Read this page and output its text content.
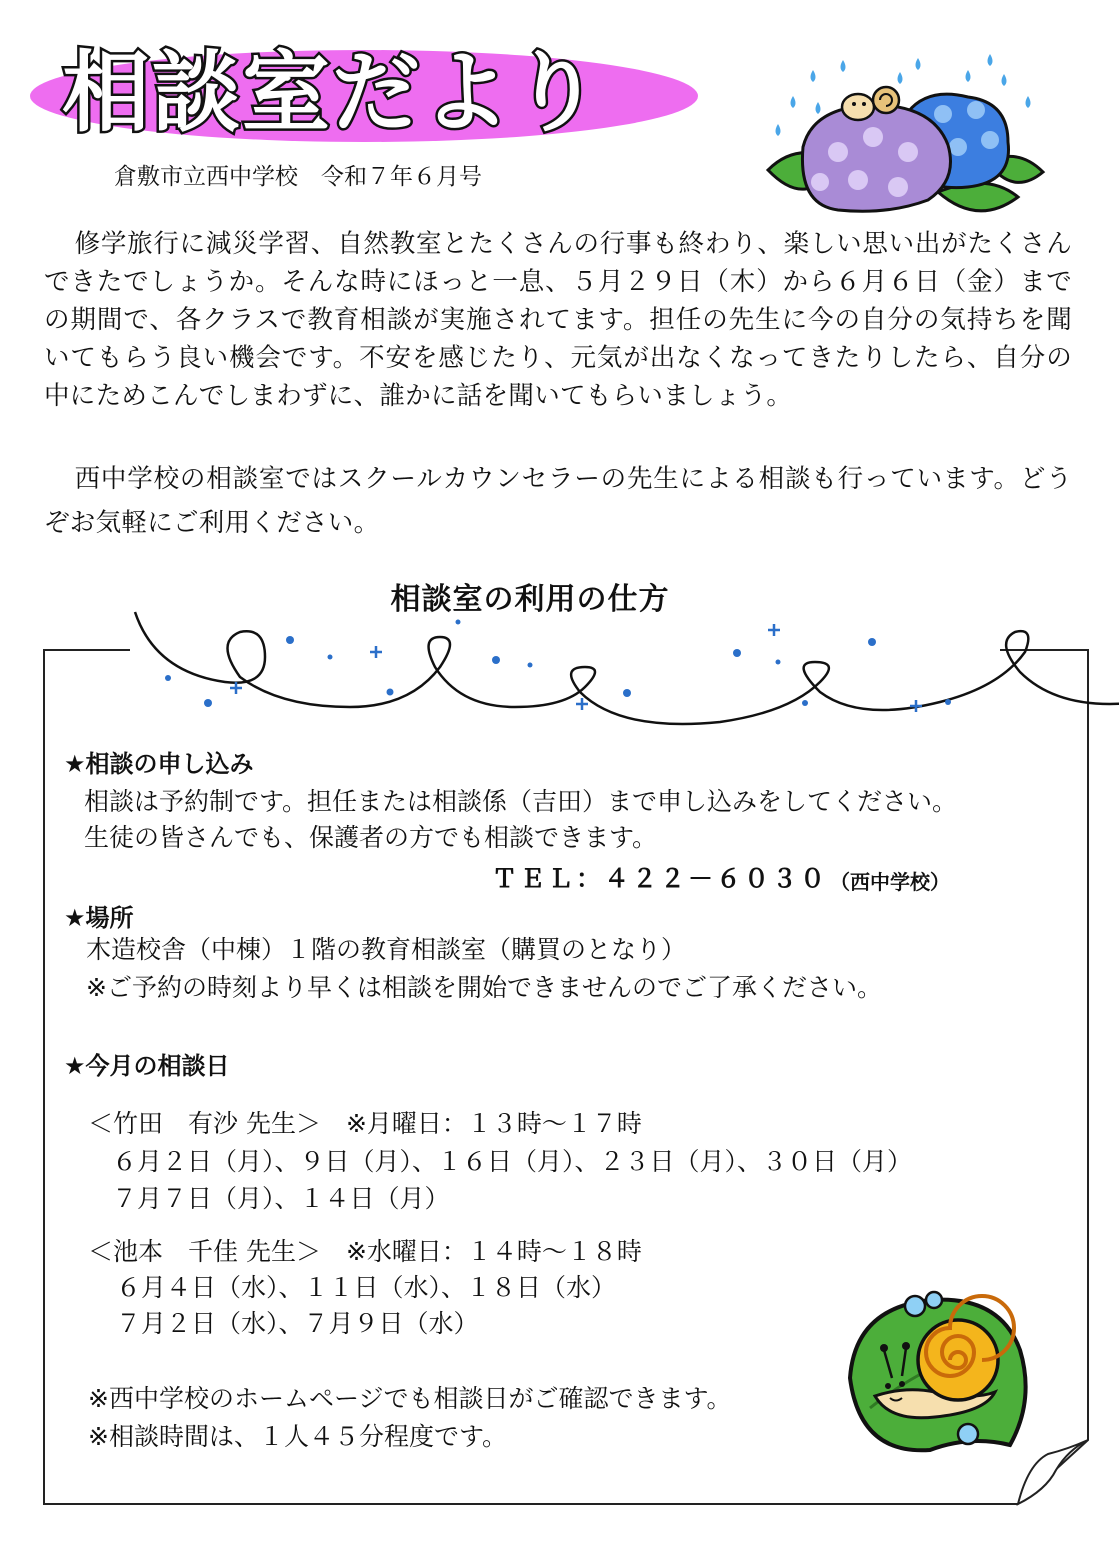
相談室だより
倉敷市立西中学校　令和７年６月号

修学旅行に減災学習、自然教室とたくさんの行事も終わり、楽しい思い出がたくさんできたでしょうか。そんな時にほっと一息、５月２９日（木）から６月６日（金）までの期間で、各クラスで教育相談が実施されてます。担任の先生に今の自分の気持ちを聞いてもらう良い機会です。不安を感じたり、元気が出なくなってきたりしたら、自分の中にためこんでしまわずに、誰かに話を聞いてもらいましょう。

西中学校の相談室ではスクールカウンセラーの先生による相談も行っています。どうぞお気軽にご利用ください。

相談室の利用の仕方
★相談の申し込み

相談は予約制です。担任または相談係（吉田）まで申し込みをしてください。

生徒の皆さんでも、保護者の方でも相談できます。

ＴＥＬ：４２２－６０３０ （西中学校）

★場所

木造校舎（中棟）１階の教育相談室（購買のとなり）

※ご予約の時刻より早くは相談を開始できませんのでご了承ください。

★今月の相談日

＜竹田　有沙 先生＞　※月曜日：１３時～１７時

６月２日（月）、９日（月）、１６日（月）、２３日（月）、３０日（月）

７月７日（月）、１４日（月）

＜池本　千佳 先生＞　※水曜日：１４時～１８時

６月４日（水）、１１日（水）、１８日（水）

７月２日（水）、７月９日（水）

※西中学校のホームページでも相談日がご確認できます。

※相談時間は、１人４５分程度です。
